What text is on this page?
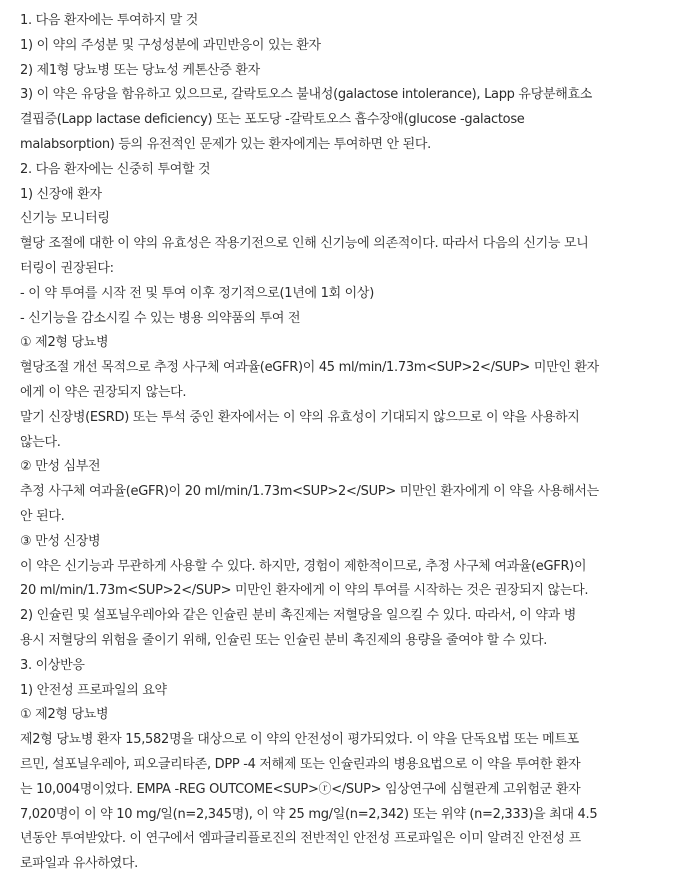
1. 다음 환자에는 투여하지 말 것
1) 이 약의 주성분 및 구성성분에 과민반응이 있는 환자
2) 제1형 당뇨병 또는 당뇨성 케톤산증 환자
3) 이 약은 유당을 함유하고 있으므로, 갈락토오스 불내성(galactose intolerance), Lapp 유당분해효소
결핍증(Lapp lactase deficiency) 또는 포도당 -갈락토오스 흡수장애(glucose -galactose
malabsorption) 등의 유전적인 문제가 있는 환자에게는 투여하면 안 된다.
2. 다음 환자에는 신중히 투여할 것
1) 신장애 환자
신기능 모니터링
혈당 조절에 대한 이 약의 유효성은 작용기전으로 인해 신기능에 의존적이다. 따라서 다음의 신기능 모니
터링이 권장된다:
- 이 약 투여를 시작 전 및 투여 이후 정기적으로(1년에 1회 이상)
- 신기능을 감소시킬 수 있는 병용 의약품의 투여 전
① 제2형 당뇨병
혈당조절 개선 목적으로 추정 사구체 여과율(eGFR)이 45 ml/min/1.73m<SUP>2</SUP> 미만인 환자
에게 이 약은 권장되지 않는다.
말기 신장병(ESRD) 또는 투석 중인 환자에서는 이 약의 유효성이 기대되지 않으므로 이 약을 사용하지
않는다.
② 만성 심부전
추정 사구체 여과율(eGFR)이 20 ml/min/1.73m<SUP>2</SUP> 미만인 환자에게 이 약을 사용해서는
안 된다.
③ 만성 신장병
이 약은 신기능과 무관하게 사용할 수 있다. 하지만, 경험이 제한적이므로, 추정 사구체 여과율(eGFR)이
20 ml/min/1.73m<SUP>2</SUP> 미만인 환자에게 이 약의 투여를 시작하는 것은 권장되지 않는다.
2) 인슐린 및 설포닐우레아와 같은 인슐린 분비 촉진제는 저혈당을 일으킬 수 있다. 따라서, 이 약과 병
용시 저혈당의 위험을 줄이기 위해, 인슐린 또는 인슐린 분비 촉진제의 용량을 줄여야 할 수 있다.
3. 이상반응
1) 안전성 프로파일의 요약
① 제2형 당뇨병
제2형 당뇨병 환자 15,582명을 대상으로 이 약의 안전성이 평가되었다. 이 약을 단독요법 또는 메트포
르민, 설포닐우레아, 피오글리타존, DPP -4 저해제 또는 인슐린과의 병용요법으로 이 약을 투여한 환자
는 10,004명이었다. EMPA -REG OUTCOME<SUP>ⓡ</SUP> 임상연구에 심혈관계 고위험군 환자
7,020명이 이 약 10 mg/일(n=2,345명), 이 약 25 mg/일(n=2,342) 또는 위약 (n=2,333)을 최대 4.5
년동안 투여받았다. 이 연구에서 엠파글리플로진의 전반적인 안전성 프로파일은 이미 알려진 안전성 프
로파일과 유사하였다.
